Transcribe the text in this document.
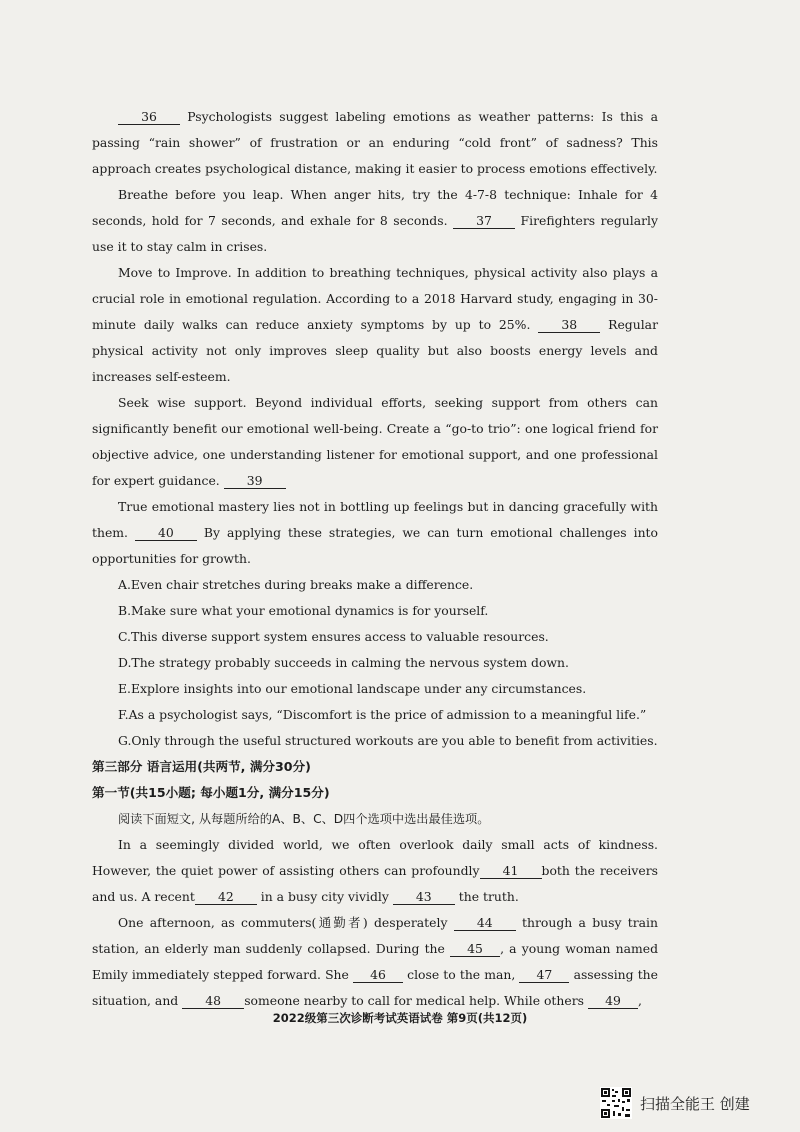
36 Psychologists suggest labeling emotions as weather patterns: Is this a passing “rain shower” of frustration or an enduring “cold front” of sadness? This approach creates psychological distance, making it easier to process emotions effectively.

Breathe before you leap. When anger hits, try the 4-7-8 technique: Inhale for 4 seconds, hold for 7 seconds, and exhale for 8 seconds. 37 Firefighters regularly use it to stay calm in crises.

Move to Improve. In addition to breathing techniques, physical activity also plays a crucial role in emotional regulation. According to a 2018 Harvard study, engaging in 30-minute daily walks can reduce anxiety symptoms by up to 25%. 38 Regular physical activity not only improves sleep quality but also boosts energy levels and increases self-esteem.

Seek wise support. Beyond individual efforts, seeking support from others can significantly benefit our emotional well-being. Create a “go-to trio”: one logical friend for objective advice, one understanding listener for emotional support, and one professional for expert guidance. 39

True emotional mastery lies not in bottling up feelings but in dancing gracefully with them. 40 By applying these strategies, we can turn emotional challenges into opportunities for growth.

A.Even chair stretches during breaks make a difference.

B.Make sure what your emotional dynamics is for yourself.

C.This diverse support system ensures access to valuable resources.

D.The strategy probably succeeds in calming the nervous system down.

E.Explore insights into our emotional landscape under any circumstances.

F.As a psychologist says, “Discomfort is the price of admission to a meaningful life.”

G.Only through the useful structured workouts are you able to benefit from activities.

第三部分 语言运用(共两节, 满分30分)

第一节(共15小题; 每小题1分, 满分15分)

阅读下面短文, 从每题所给的A、B、C、D四个选项中选出最佳选项。

In a seemingly divided world, we often overlook daily small acts of kindness. However, the quiet power of assisting others can profoundly 41 both the receivers and us. A recent 42 in a busy city vividly 43 the truth.

One afternoon, as commuters(通勤者) desperately 44 through a busy train station, an elderly man suddenly collapsed. During the 45 , a young woman named Emily immediately stepped forward. She 46 close to the man, 47 assessing the situation, and 48 someone nearby to call for medical help. While others 49 ,

2022级第三次诊断考试英语试卷 第9页(共12页)
扫描全能王 创建
